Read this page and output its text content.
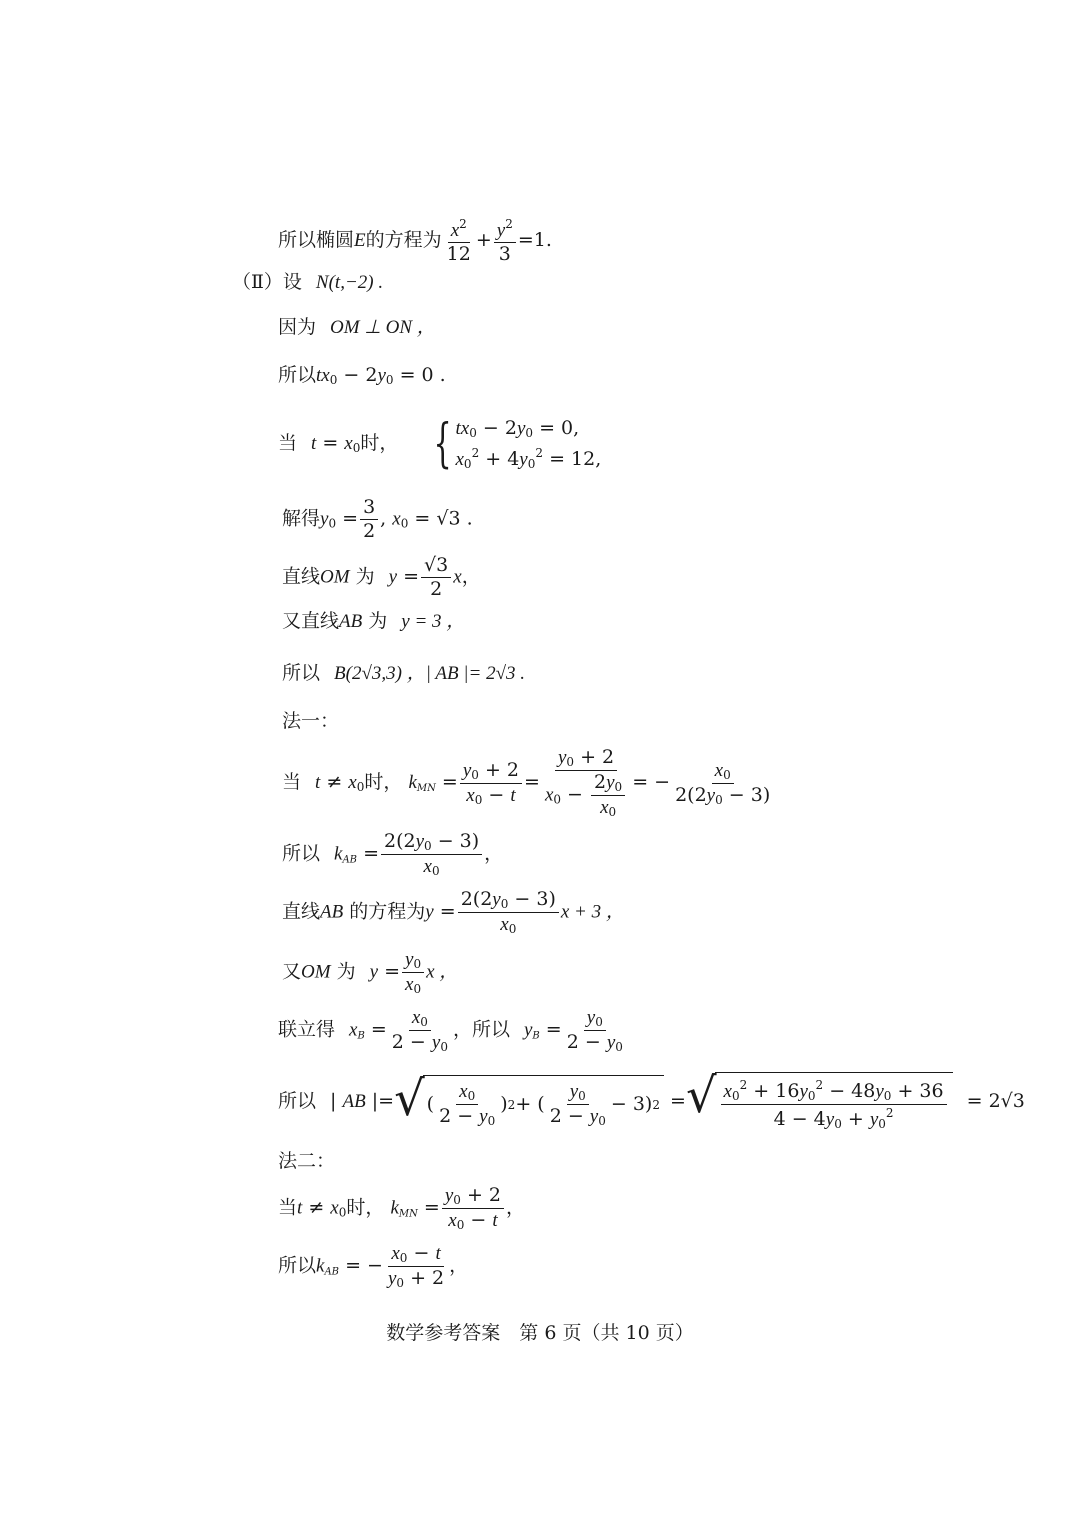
所以椭圆E的方程为 $\frac{x^2}{12} + \frac{y^2}{3} =1$.
（Ⅱ）设 N(t,−2) .
因为 OM ⊥ ON ，
所以$tx_0 - 2y_0 = 0$ .
当 $t = x_0$时， { $tx_0 - 2y_0 = 0$,
$x_0^2 + 4y_0^2 = 12$,
解得$y_0 = \frac{3}{2}$ , $x_0 = √3$ .
直线OM 为 $y = \frac{√3}{2}$ x，
又直线AB 为 y = 3 ，
所以 B(2√3,3) ，| AB |= 2√3 .
法一：
当 $t \ne x_0$时， $k_{MN} = \frac{y_0 + 2}{x_0 - t} = \frac{y_0 + 2}{x_0 - \frac{2y_0}{x_0}}$ = − $\frac{x_0}{2(2y_0 - 3)}$
所以 $k_{AB} = \frac{2(2y_0 - 3)}{x_0}$ ，
直线AB 的方程为$y = \frac{2(2y_0 - 3)}{x_0}$ x + 3 ，
又OM 为 $y = \frac{y_0}{x_0}$ x ，
联立得 $x_B = \frac{x_0}{2 - y_0}$ ，所以 $y_B = \frac{y_0}{2 - y_0}$
所以 | AB |= √ ( $\frac{x_0}{2 - y_0}$ ) 2 + ( $\frac{y_0}{2 - y_0} - 3$) 2 = √ $\frac{x_0^2 + 16y_0^2 - 48y_0 + 36}{4 - 4y_0 + y_0^2} = 2√3$
法二：
当$t \ne x_0$时， $k_{MN} = \frac{y_0 + 2}{x_0 - t}$ ，
所以$k_{AB}$ = − $\frac{x_0 - t}{y_0 + 2}$ ，
数学参考答案　第 6 页（共 10 页）
